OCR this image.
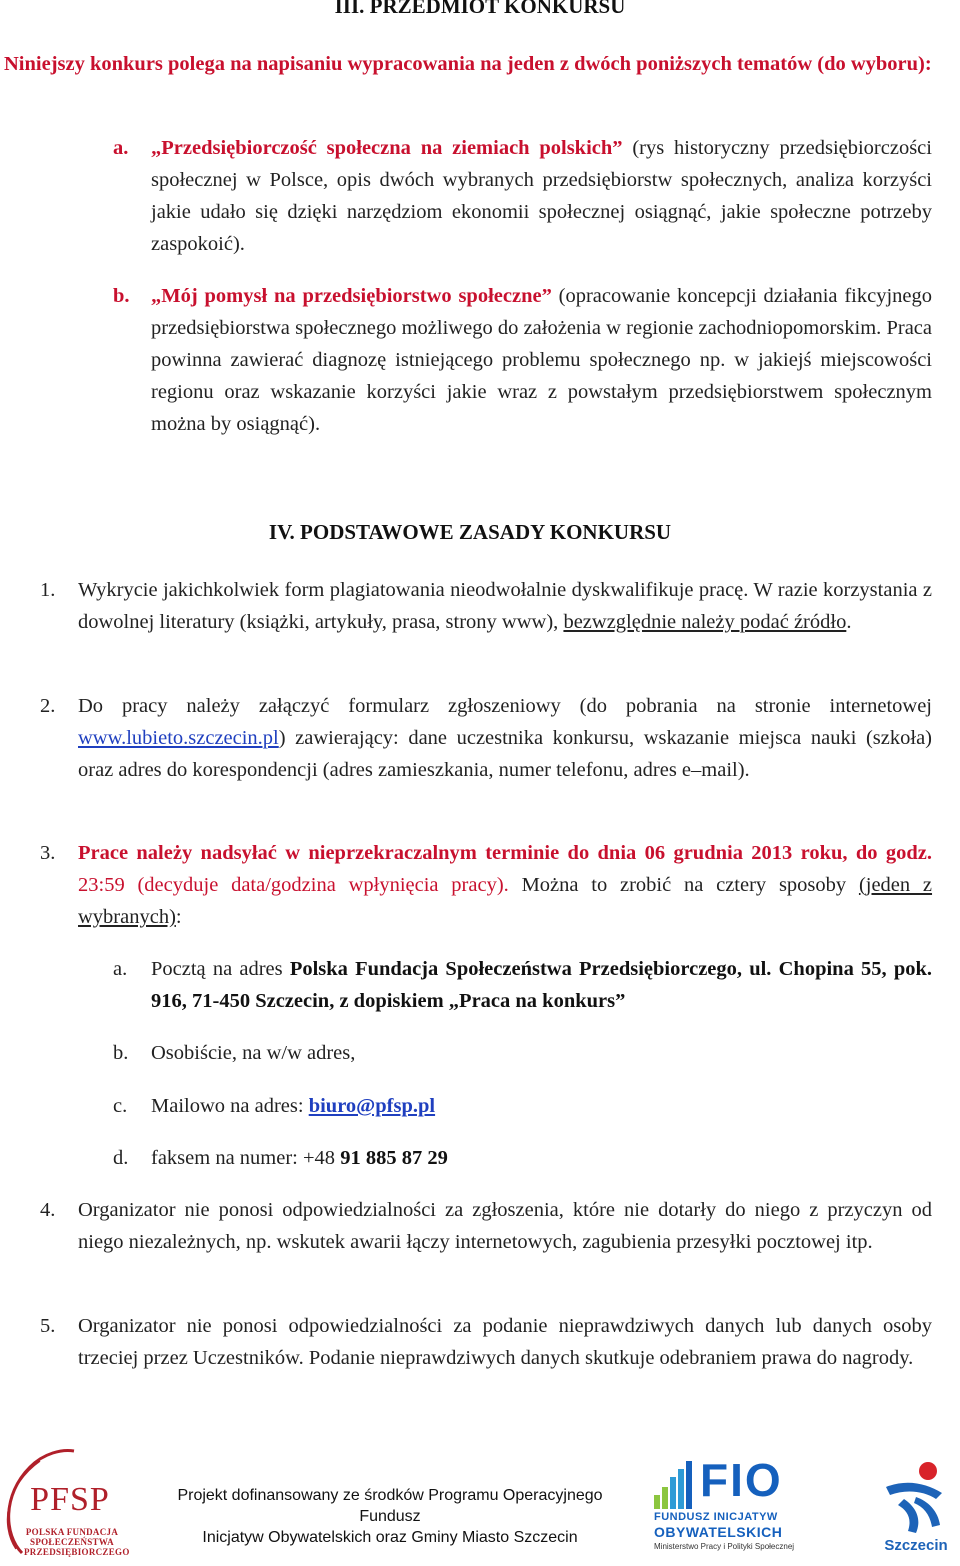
III. PRZEDMIOT KONKURSU
Niniejszy konkurs polega na napisaniu wypracowania na jeden z dwóch poniższych tematów (do wyboru):
a. „Przedsiębiorczość społeczna na ziemiach polskich” (rys historyczny przedsiębiorczości społecznej w Polsce, opis dwóch wybranych przedsiębiorstw społecznych, analiza korzyści jakie udało się dzięki narzędziom ekonomii społecznej osiągnąć, jakie społeczne potrzeby zaspokoić).
b. „Mój pomysł na przedsiębiorstwo społeczne” (opracowanie koncepcji działania fikcyjnego przedsiębiorstwa społecznego możliwego do założenia w regionie zachodniopomorskim. Praca powinna zawierać diagnozę istniejącego problemu społecznego np. w jakiejś miejscowości regionu oraz wskazanie korzyści jakie wraz z powstałym przedsiębiorstwem społecznym można by osiągnąć).
IV. PODSTAWOWE ZASADY KONKURSU
1. Wykrycie jakichkolwiek form plagiatowania nieodwołalnie dyskwalifikuje pracę. W razie korzystania z dowolnej literatury (książki, artykuły, prasa, strony www), bezwzględnie należy podać źródło.
2. Do pracy należy załączyć formularz zgłoszeniowy (do pobrania na stronie internetowej www.lubieto.szczecin.pl) zawierający: dane uczestnika konkursu, wskazanie miejsca nauki (szkoła) oraz adres do korespondencji (adres zamieszkania, numer telefonu, adres e–mail).
3. Prace należy nadsyłać w nieprzekraczalnym terminie do dnia 06 grudnia 2013 roku, do godz. 23:59 (decyduje data/godzina wpłynięcia pracy). Można to zrobić na cztery sposoby (jeden z wybranych):
a. Pocztą na adres Polska Fundacja Społeczeństwa Przedsiębiorczego, ul. Chopina 55, pok. 916, 71-450 Szczecin, z dopiskiem „Praca na konkurs”
b. Osobiście, na w/w adres,
c. Mailowo na adres: biuro@pfsp.pl
d. faksem na numer: +48 91 885 87 29
4. Organizator nie ponosi odpowiedzialności za zgłoszenia, które nie dotarły do niego z przyczyn od niego niezależnych, np. wskutek awarii łączy internetowych, zagubienia przesyłki pocztowej itp.
5. Organizator nie ponosi odpowiedzialności za podanie nieprawdziwych danych lub danych osoby trzeciej przez Uczestników. Podanie nieprawdziwych danych skutkuje odebraniem prawa do nagrody.
PFSP
POLSKA FUNDACJA
SPOŁECZEŃSTWA
PRZEDSIĘBIORCZEGO
Projekt dofinansowany ze środków Programu Operacyjnego Fundusz
Inicjatyw Obywatelskich oraz Gminy Miasto Szczecin
FIO
FUNDUSZ INICJATYW
OBYWATELSKICH
Ministerstwo Pracy i Polityki Społecznej	Szczecin
